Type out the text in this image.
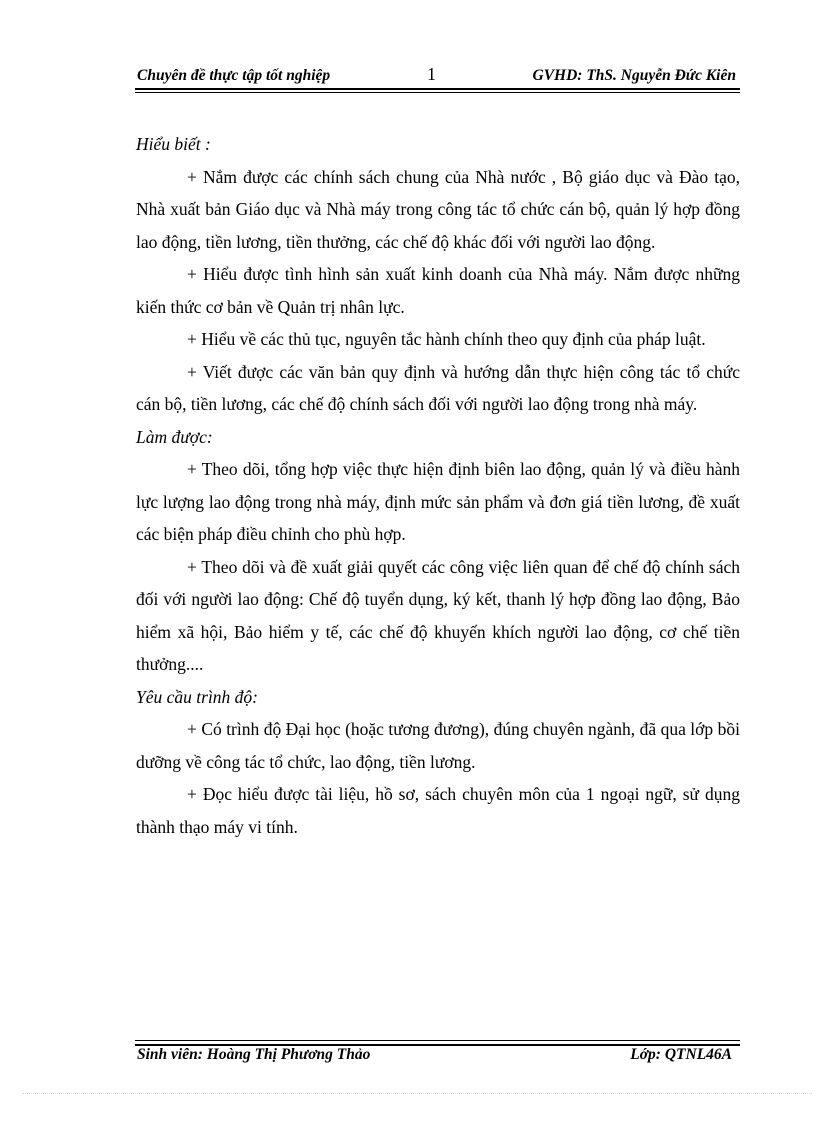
Chuyên đề thực tập tốt nghiệp	1	GVHD: ThS. Nguyễn Đức Kiên
Hiểu biết :

+ Nắm được các chính sách chung của Nhà nước , Bộ giáo dục và Đào tạo, Nhà xuất bản Giáo dục và Nhà máy trong công tác tổ chức cán bộ, quản lý hợp đồng lao động, tiền lương, tiền thưởng, các chế độ khác đối với người lao động.

+ Hiểu được tình hình sản xuất kinh doanh của Nhà máy. Nắm được những kiến thức cơ bản về Quản trị nhân lực.

+ Hiểu về các thủ tục, nguyên tắc hành chính theo quy định của pháp luật.

+ Viết được các văn bản quy định và hướng dẫn thực hiện công tác tổ chức cán bộ, tiền lương, các chế độ chính sách đối với người lao động trong nhà máy.

Làm được:

+ Theo dõi, tổng hợp việc thực hiện định biên lao động, quản lý và điều hành lực lượng lao động trong nhà máy, định mức sản phẩm và đơn giá tiền lương, đề xuất các biện pháp điều chỉnh cho phù hợp.

+ Theo dõi và đề xuất giải quyết các công việc liên quan để chế độ chính sách đối với người lao động: Chế độ tuyển dụng, ký kết, thanh lý hợp đồng lao động, Bảo hiểm xã hội, Bảo hiểm y tế, các chế độ khuyến khích người lao động, cơ chế tiền thưởng....

Yêu cầu trình độ:

+ Có trình độ Đại học (hoặc tương đương), đúng chuyên ngành, đã qua lớp bồi dưỡng về công tác tổ chức, lao động, tiền lương.

+ Đọc hiểu được tài liệu, hồ sơ, sách chuyên môn của 1 ngoại ngữ, sử dụng thành thạo máy vi tính.

Sinh viên: Hoàng Thị Phương Thảo	Lớp: QTNL46A
